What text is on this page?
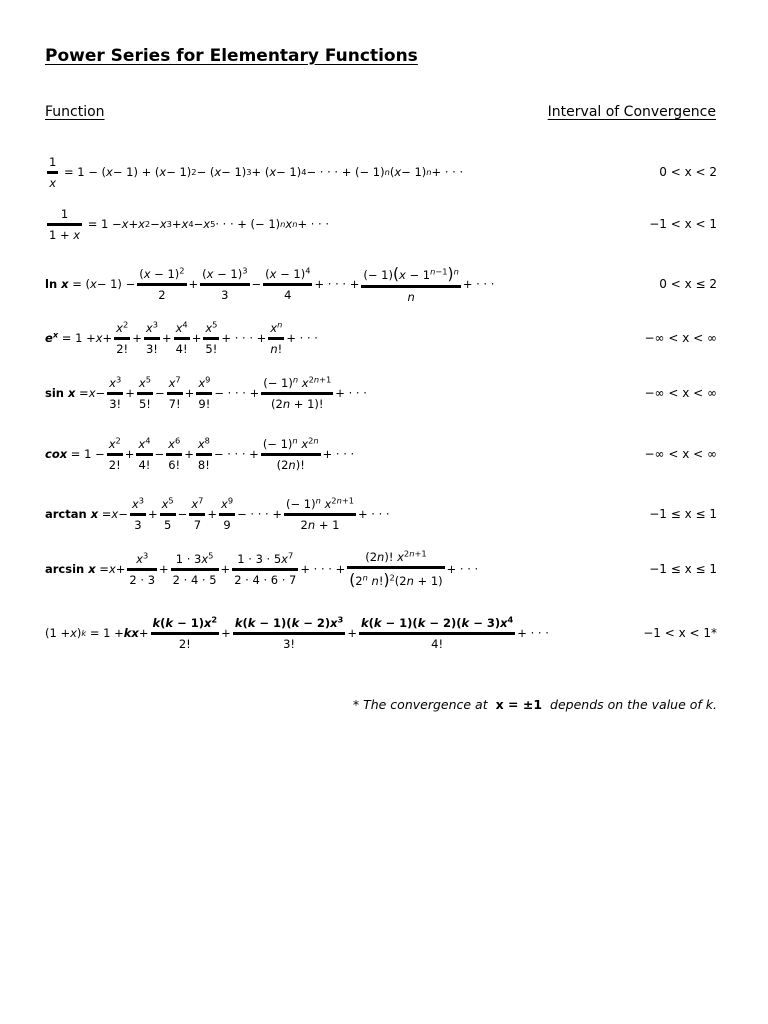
Power Series for Elementary Functions
Function	Interval of Convergence
$\frac{1}{x} = 1$ − ( x − 1) + ( x − 1) 2 − ( x − 1) 3 + ( x − 1) 4 − · · · + (− 1) n ( x − 1) n + · · ·	0 < x < 2
$\frac{1}{1 + x} = 1 - x + x$ 2 − x 3 + x 4 − x 5 · · · + (− 1) n x n + · · ·	−1 < x < 1
ln x = ( $x - 1) - \frac{(x - 1)^2}{2} + \frac{(x - 1)^3}{3} - \frac{(x - 1)^4}{4}$ + · · · + $\frac{(- 1)(x - 1^{n-1})^n}{n}$ + · · ·	0 < x ≤ 2
$e^x = 1 + x + \frac{x^2}{2!} + \frac{x^3}{3!} + \frac{x^4}{4!} + \frac{x^5}{5!}$ + · · · + $\frac{x^n}{n!}$ + · · ·	−∞ < x < ∞
$\sin x = x - \frac{x^3}{3!} + \frac{x^5}{5!} - \frac{x^7}{7!} + \frac{x^9}{9!}$ − · · · + $\frac{(- 1)^n x^{2n+1}}{(2n + 1)!}$ + · · ·	−∞ < x < ∞
cox = $1 - \frac{x^2}{2!} + \frac{x^4}{4!} - \frac{x^6}{6!} + \frac{x^8}{8!}$ − · · · + $\frac{(- 1)^n x^{2n}}{(2n)!}$ + · · ·	−∞ < x < ∞
$\arctan x = x - \frac{x^3}{3} + \frac{x^5}{5} - \frac{x^7}{7} + \frac{x^9}{9}$ − · · · + $\frac{(- 1)^n x^{2n+1}}{2n + 1}$ + · · ·	−1 ≤ x ≤ 1
$\arcsin x = x + \frac{x^3}{2 \cdot 3} + \frac{1 \cdot 3x^5}{2 \cdot 4 \cdot 5} + \frac{1 \cdot 3 \cdot 5x^7}{2 \cdot 4 \cdot 6 \cdot 7}$ + · · · + $\frac{(2n)! x^{2n+1}}{(2^n n!)^2(2n + 1)}$ + · · ·	−1 ≤ x ≤ 1
(1 + x ) k = 1 + kx + $\frac{k(k - 1)x^2}{2!} + \frac{k(k - 1)(k - 2)x^3}{3!} + \frac{k(k - 1)(k - 2)(k - 3)x^4}{4!}$ + · · ·	−1 < x < 1*
* The convergence at x = ±1 depends on the value of k.
